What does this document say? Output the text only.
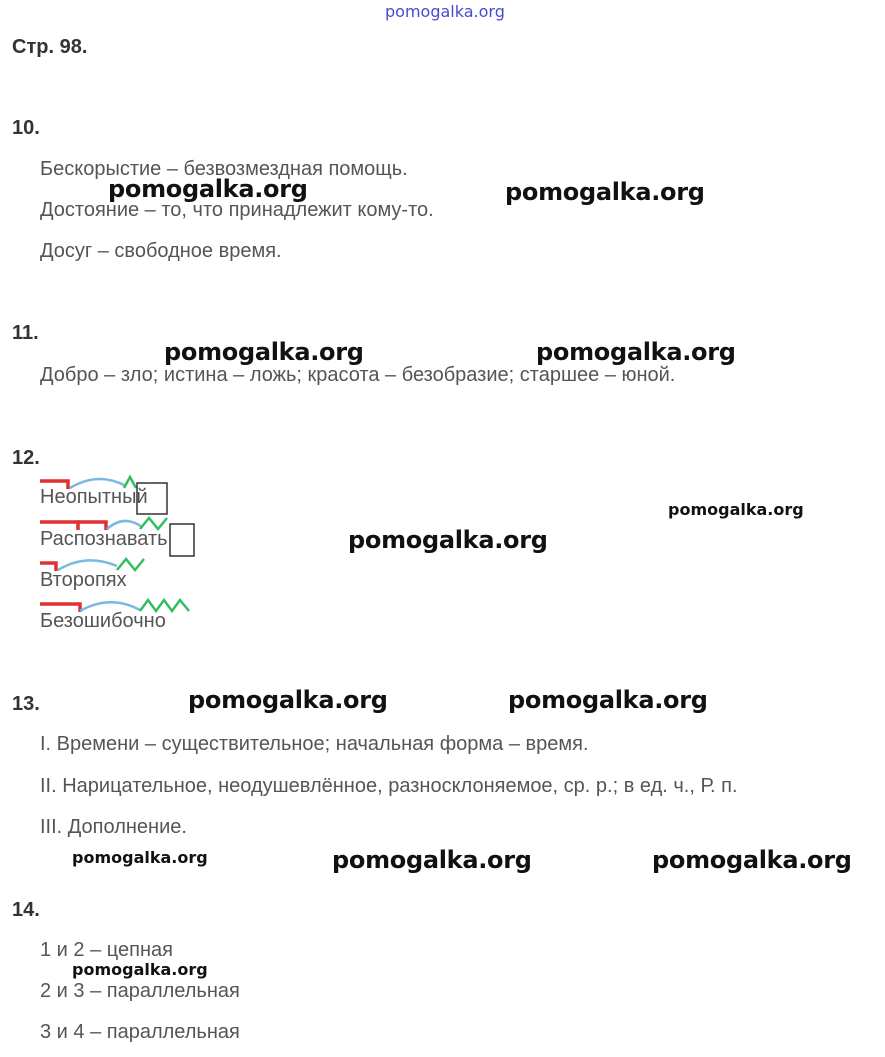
pomogalka.org
Стр. 98.
10.
Бескорыстие – безвозмездная помощь.
Достояние – то, что принадлежит кому-то.
Досуг – свободное время.
11.
Добро – зло; истина – ложь; красота – безобразие; старшее – юной.
12.
Неопытный
Распознавать
Второпях
Безошибочно
13.
I. Времени – существительное; начальная форма – время.
II. Нарицательное, неодушевлённое, разносклоняемое, ср. р.; в ед. ч., Р. п.
III. Дополнение.
14.
1 и 2 – цепная
2 и 3 – параллельная
3 и 4 – параллельная
pomogalka.org	pomogalka.org
pomogalka.org	pomogalka.org
pomogalka.org
pomogalka.org
pomogalka.org	pomogalka.org
pomogalka.org	pomogalka.org	pomogalka.org
pomogalka.org
